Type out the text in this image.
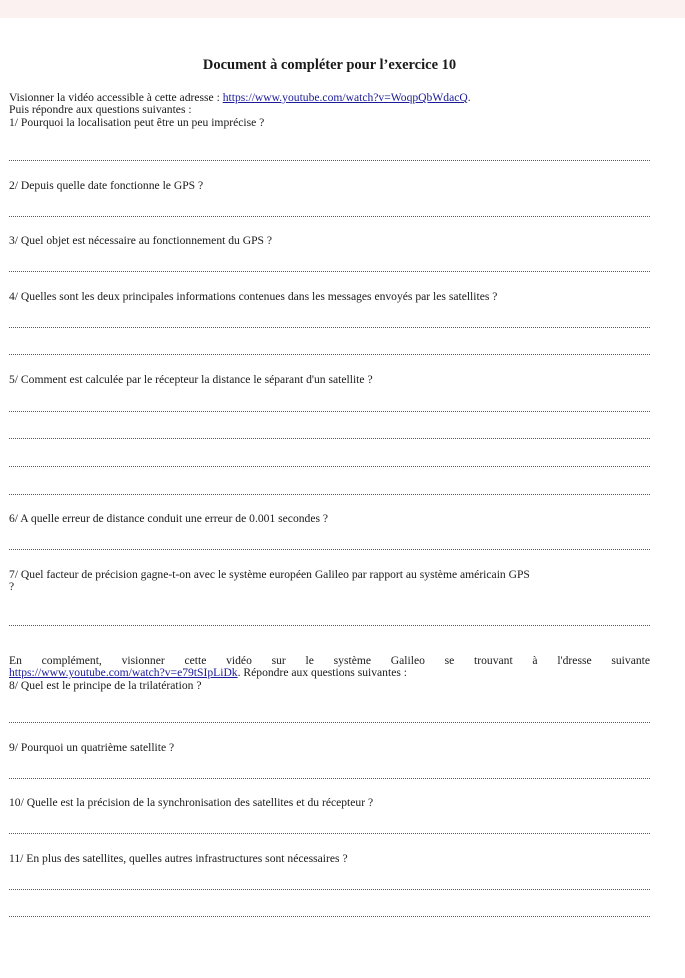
Document à compléter pour l’exercice 10
Visionner la vidéo accessible à cette adresse : https://www.youtube.com/watch?v=WoqpQbWdacQ.
Puis répondre aux questions suivantes :
1/ Pourquoi la localisation peut être un peu imprécise ?
2/ Depuis quelle date fonctionne le GPS ?
3/ Quel objet est nécessaire au fonctionnement du GPS ?
4/ Quelles sont les deux principales informations contenues dans les messages envoyés par les satellites ?
5/ Comment est calculée par le récepteur la distance le séparant d'un satellite ?
6/ A quelle erreur de distance conduit une erreur de 0.001 secondes ?
7/ Quel facteur de précision gagne-t-on avec le système européen Galileo par rapport au système américain GPS
?
En complément, visionner cette vidéo sur le système Galileo se trouvant à l'dresse suivante
https://www.youtube.com/watch?v=e79tSIpLiDk. Répondre aux questions suivantes :
8/ Quel est le principe de la trilatération ?
9/ Pourquoi un quatrième satellite ?
10/ Quelle est la précision de la synchronisation des satellites et du récepteur ?
11/ En plus des satellites, quelles autres infrastructures sont nécessaires ?
